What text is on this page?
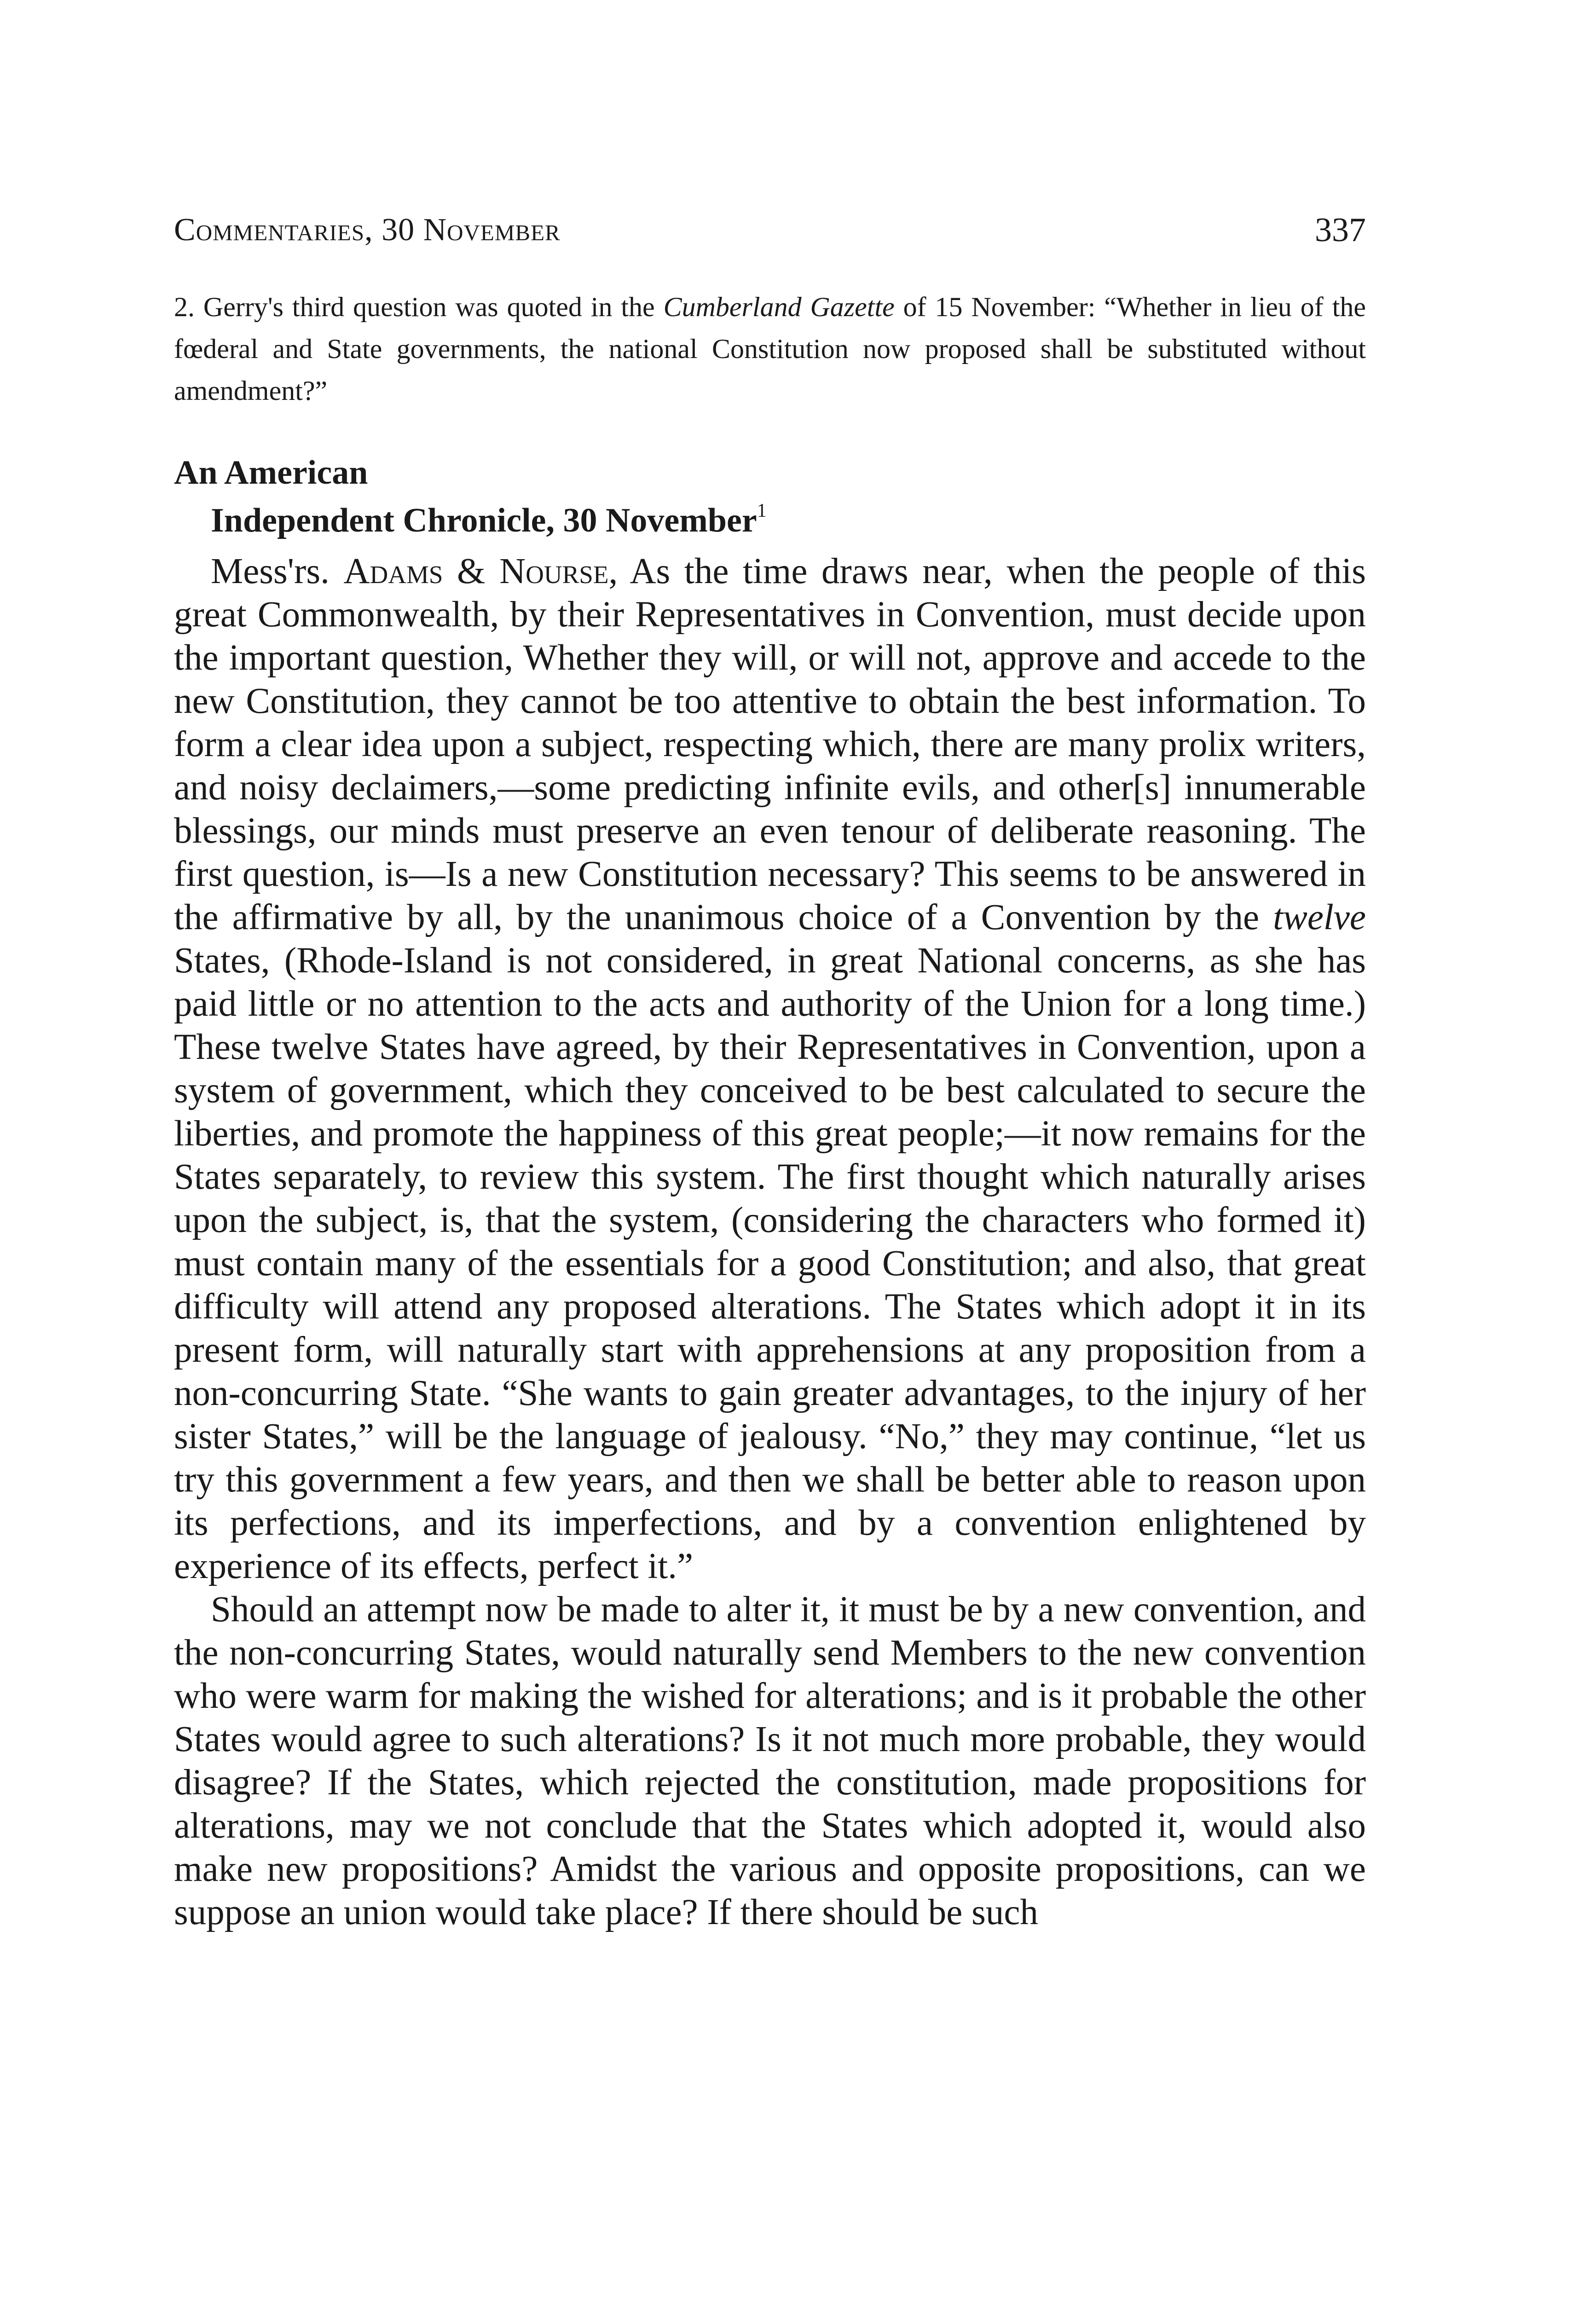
Commentaries, 30 November	337
2. Gerry's third question was quoted in the Cumberland Gazette of 15 November: “Whether in lieu of the fœderal and State governments, the national Constitution now proposed shall be substituted without amendment?”
An American
Independent Chronicle, 30 November$^1$

Mess'rs. Adams & Nourse, As the time draws near, when the people of this great Commonwealth, by their Representatives in Convention, must decide upon the important question, Whether they will, or will not, approve and accede to the new Constitution, they cannot be too attentive to obtain the best information. To form a clear idea upon a subject, respecting which, there are many prolix writers, and noisy declaimers,—some predicting infinite evils, and other[s] innumerable blessings, our minds must preserve an even tenour of deliberate reasoning. The first question, is—Is a new Constitution necessary? This seems to be answered in the affirmative by all, by the unanimous choice of a Convention by the twelve States, (Rhode-Island is not considered, in great National concerns, as she has paid little or no attention to the acts and authority of the Union for a long time.) These twelve States have agreed, by their Representatives in Convention, upon a system of government, which they conceived to be best calculated to secure the liberties, and promote the happiness of this great people;—it now remains for the States separately, to review this system. The first thought which naturally arises upon the subject, is, that the system, (considering the characters who formed it) must contain many of the essentials for a good Constitution; and also, that great difficulty will attend any proposed alterations. The States which adopt it in its present form, will naturally start with apprehensions at any proposition from a non-concurring State. “She wants to gain greater advantages, to the injury of her sister States,” will be the language of jealousy. “No,” they may continue, “let us try this government a few years, and then we shall be better able to reason upon its perfections, and its imperfections, and by a convention enlightened by experience of its effects, perfect it.”

Should an attempt now be made to alter it, it must be by a new convention, and the non-concurring States, would naturally send Members to the new convention who were warm for making the wished for alterations; and is it probable the other States would agree to such alterations? Is it not much more probable, they would disagree? If the States, which rejected the constitution, made propositions for alterations, may we not conclude that the States which adopted it, would also make new propositions? Amidst the various and opposite propositions, can we suppose an union would take place? If there should be such
